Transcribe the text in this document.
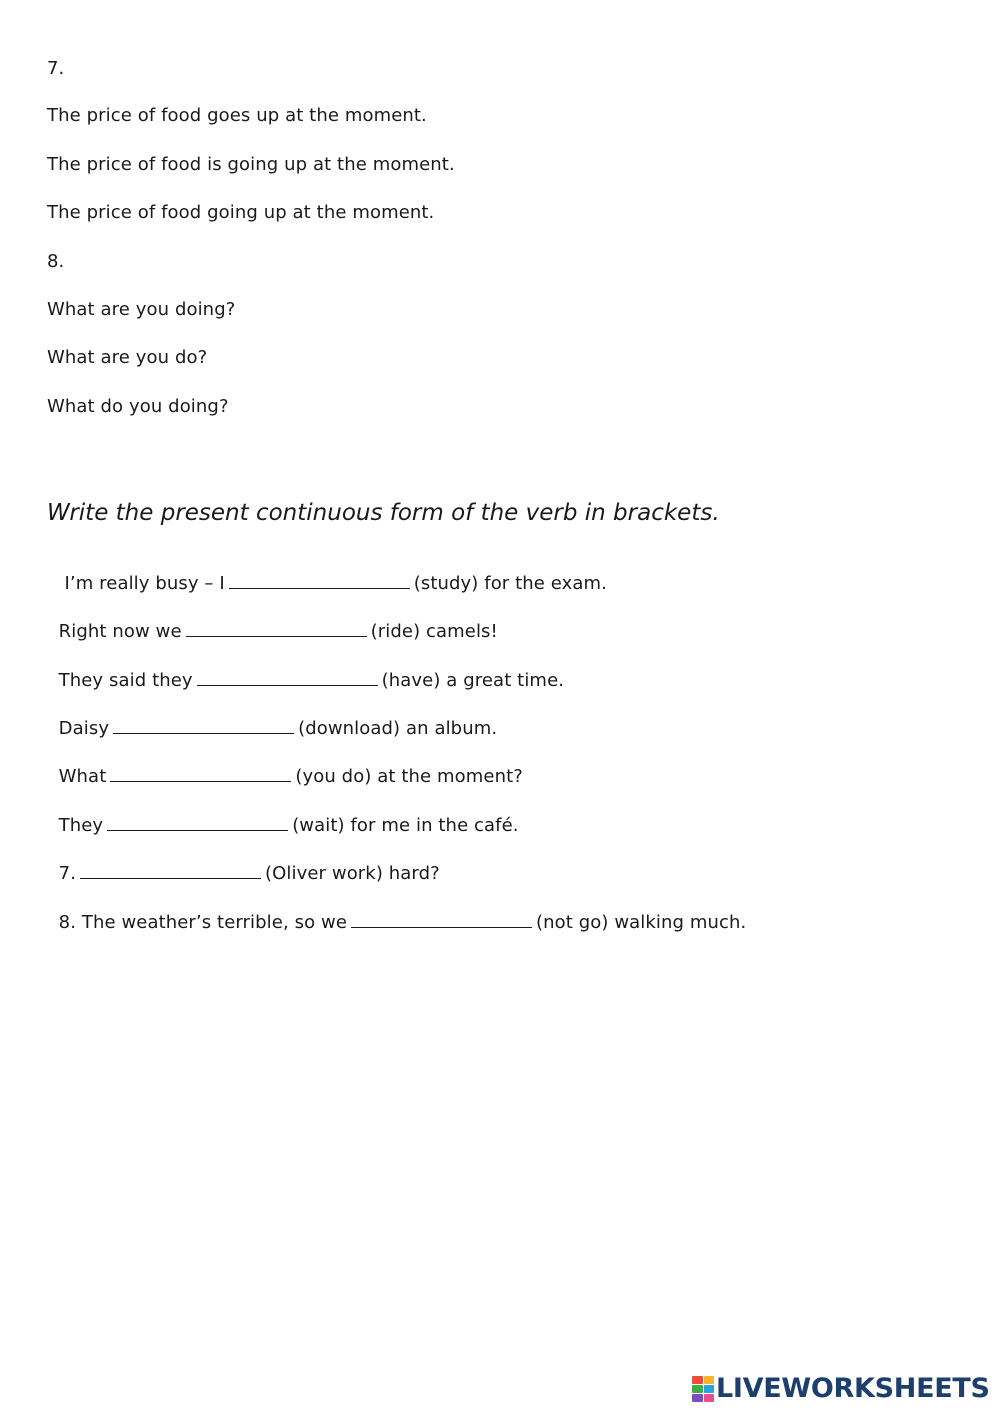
7.
The price of food goes up at the moment.
The price of food is going up at the moment.
The price of food going up at the moment.
8.
What are you doing?
What are you do?
What do you doing?
Write the present continuous form of the verb in brackets.

I’m really busy – I	(study) for the exam.

Right now we	(ride) camels!

They said they	(have) a great time.

Daisy	(download) an album.

What	(you do) at the moment?

They	(wait) for me in the café.

7.	(Oliver work) hard?

8. The weather’s terrible, so we	(not go) walking much.

LIVEWORKSHEETS
